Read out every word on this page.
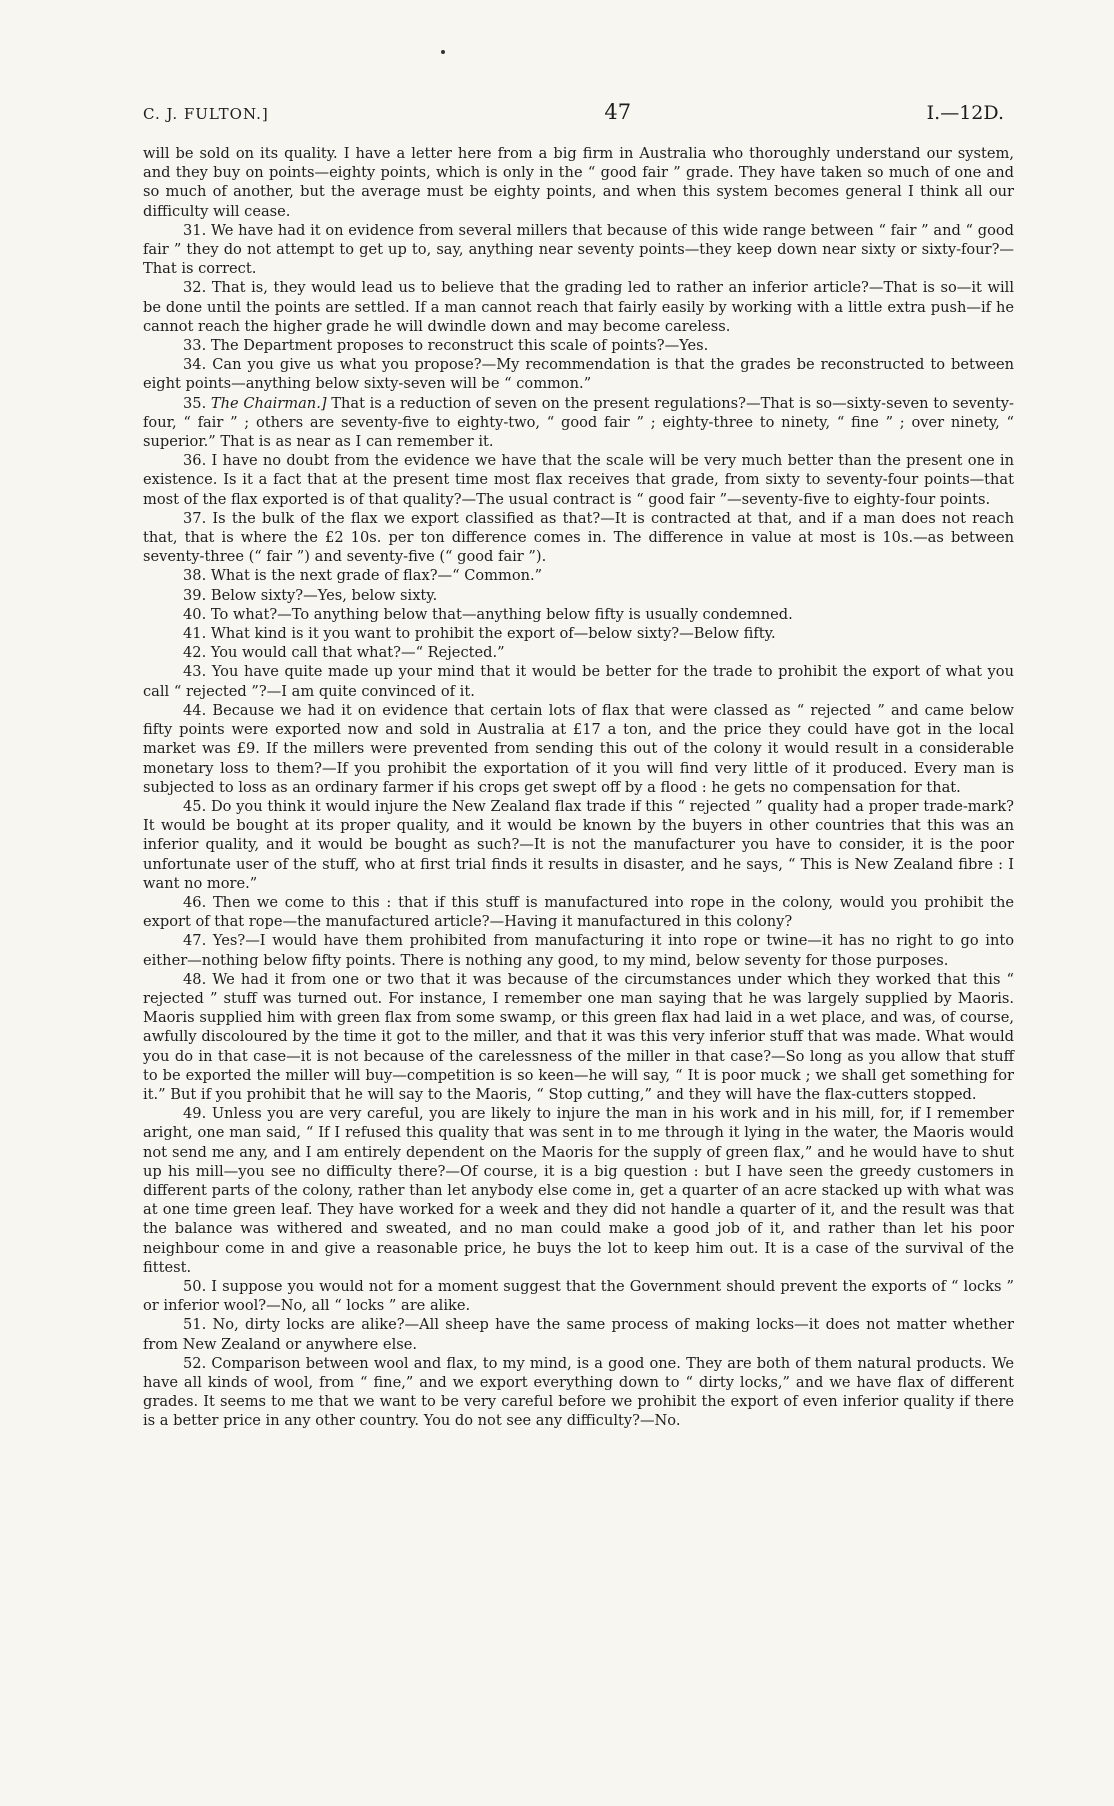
C. J. FULTON.]	47	I.—12D.

will be sold on its quality. I have a letter here from a big firm in Australia who thoroughly understand our system, and they buy on points—eighty points, which is only in the “ good fair ” grade. They have taken so much of one and so much of another, but the average must be eighty points, and when this system becomes general I think all our difficulty will cease.

31. We have had it on evidence from several millers that because of this wide range between “ fair ” and “ good fair ” they do not attempt to get up to, say, anything near seventy points—they keep down near sixty or sixty-four?—That is correct.

32. That is, they would lead us to believe that the grading led to rather an inferior article?—That is so—it will be done until the points are settled. If a man cannot reach that fairly easily by working with a little extra push—if he cannot reach the higher grade he will dwindle down and may become careless.

33. The Department proposes to reconstruct this scale of points?—Yes.

34. Can you give us what you propose?—My recommendation is that the grades be reconstructed to between eight points—anything below sixty-seven will be “ common.”

35. The Chairman.] That is a reduction of seven on the present regulations?—That is so—sixty-seven to seventy-four, “ fair ” ; others are seventy-five to eighty-two, “ good fair ” ; eighty-three to ninety, “ fine ” ; over ninety, “ superior.” That is as near as I can remember it.

36. I have no doubt from the evidence we have that the scale will be very much better than the present one in existence. Is it a fact that at the present time most flax receives that grade, from sixty to seventy-four points—that most of the flax exported is of that quality?—The usual contract is “ good fair ”—seventy-five to eighty-four points.

37. Is the bulk of the flax we export classified as that?—It is contracted at that, and if a man does not reach that, that is where the £2 10s. per ton difference comes in. The difference in value at most is 10s.—as between seventy-three (“ fair ”) and seventy-five (“ good fair ”).

38. What is the next grade of flax?—“ Common.”

39. Below sixty?—Yes, below sixty.

40. To what?—To anything below that—anything below fifty is usually condemned.

41. What kind is it you want to prohibit the export of—below sixty?—Below fifty.

42. You would call that what?—“ Rejected.”

43. You have quite made up your mind that it would be better for the trade to prohibit the export of what you call “ rejected ”?—I am quite convinced of it.

44. Because we had it on evidence that certain lots of flax that were classed as “ rejected ” and came below fifty points were exported now and sold in Australia at £17 a ton, and the price they could have got in the local market was £9. If the millers were prevented from sending this out of the colony it would result in a considerable monetary loss to them?—If you prohibit the exportation of it you will find very little of it produced. Every man is subjected to loss as an ordinary farmer if his crops get swept off by a flood : he gets no compensation for that.

45. Do you think it would injure the New Zealand flax trade if this “ rejected ” quality had a proper trade-mark? It would be bought at its proper quality, and it would be known by the buyers in other countries that this was an inferior quality, and it would be bought as such?—It is not the manufacturer you have to consider, it is the poor unfortunate user of the stuff, who at first trial finds it results in disaster, and he says, “ This is New Zealand fibre : I want no more.”

46. Then we come to this : that if this stuff is manufactured into rope in the colony, would you prohibit the export of that rope—the manufactured article?—Having it manufactured in this colony?

47. Yes?—I would have them prohibited from manufacturing it into rope or twine—it has no right to go into either—nothing below fifty points. There is nothing any good, to my mind, below seventy for those purposes.

48. We had it from one or two that it was because of the circumstances under which they worked that this “ rejected ” stuff was turned out. For instance, I remember one man saying that he was largely supplied by Maoris. Maoris supplied him with green flax from some swamp, or this green flax had laid in a wet place, and was, of course, awfully discoloured by the time it got to the miller, and that it was this very inferior stuff that was made. What would you do in that case—it is not because of the carelessness of the miller in that case?—So long as you allow that stuff to be exported the miller will buy—competition is so keen—he will say, “ It is poor muck ; we shall get something for it.” But if you prohibit that he will say to the Maoris, “ Stop cutting,” and they will have the flax-cutters stopped.

49. Unless you are very careful, you are likely to injure the man in his work and in his mill, for, if I remember aright, one man said, “ If I refused this quality that was sent in to me through it lying in the water, the Maoris would not send me any, and I am entirely dependent on the Maoris for the supply of green flax,” and he would have to shut up his mill—you see no difficulty there?—Of course, it is a big question : but I have seen the greedy customers in different parts of the colony, rather than let anybody else come in, get a quarter of an acre stacked up with what was at one time green leaf. They have worked for a week and they did not handle a quarter of it, and the result was that the balance was withered and sweated, and no man could make a good job of it, and rather than let his poor neighbour come in and give a reasonable price, he buys the lot to keep him out. It is a case of the survival of the fittest.

50. I suppose you would not for a moment suggest that the Government should prevent the exports of “ locks ” or inferior wool?—No, all “ locks ” are alike.

51. No, dirty locks are alike?—All sheep have the same process of making locks—it does not matter whether from New Zealand or anywhere else.

52. Comparison between wool and flax, to my mind, is a good one. They are both of them natural products. We have all kinds of wool, from “ fine,” and we export everything down to “ dirty locks,” and we have flax of different grades. It seems to me that we want to be very careful before we prohibit the export of even inferior quality if there is a better price in any other country. You do not see any difficulty?—No.
